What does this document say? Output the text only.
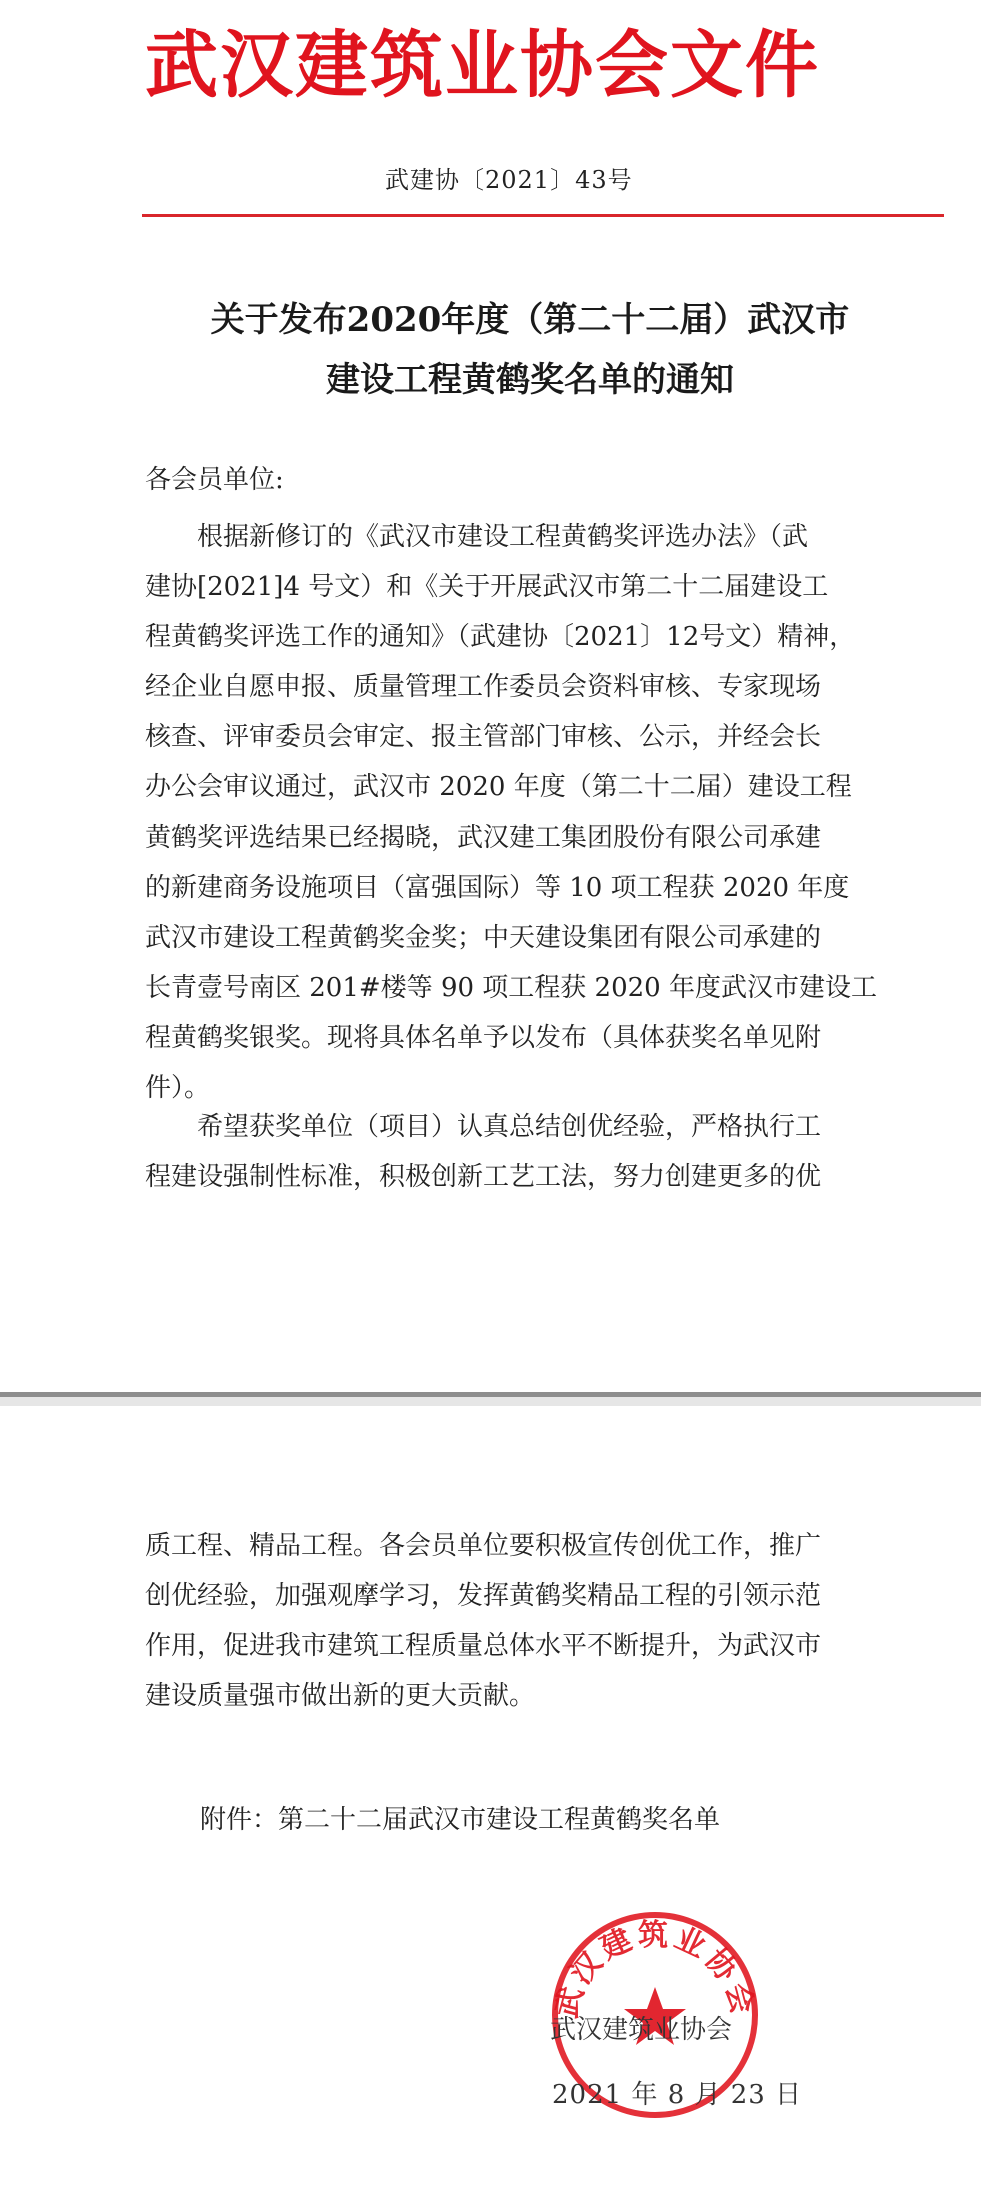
武汉建筑业协会文件
武建协〔2021〕43号
关于发布2020年度（第二十二届）武汉市
建设工程黄鹤奖名单的通知
各会员单位:
　　根据新修订的《武汉市建设工程黄鹤奖评选办法》（武
建协[2021]4 号文）和《关于开展武汉市第二十二届建设工
程黄鹤奖评选工作的通知》（武建协〔2021〕12号文）精神，
经企业自愿申报、质量管理工作委员会资料审核、专家现场
核查、评审委员会审定、报主管部门审核、公示，并经会长
办公会审议通过，武汉市 2020 年度（第二十二届）建设工程
黄鹤奖评选结果已经揭晓，武汉建工集团股份有限公司承建
的新建商务设施项目（富强国际）等 10 项工程获 2020 年度
武汉市建设工程黄鹤奖金奖；中天建设集团有限公司承建的
长青壹号南区 201#楼等 90 项工程获 2020 年度武汉市建设工
程黄鹤奖银奖。现将具体名单予以发布（具体获奖名单见附
件）。
　　希望获奖单位（项目）认真总结创优经验，严格执行工
程建设强制性标准，积极创新工艺工法，努力创建更多的优
质工程、精品工程。各会员单位要积极宣传创优工作，推广
创优经验，加强观摩学习，发挥黄鹤奖精品工程的引领示范
作用，促进我市建筑工程质量总体水平不断提升，为武汉市
建设质量强市做出新的更大贡献。
附件：第二十二届武汉市建设工程黄鹤奖名单
武汉建筑业协会
武汉建筑业协会
2021 年 8 月 23 日
